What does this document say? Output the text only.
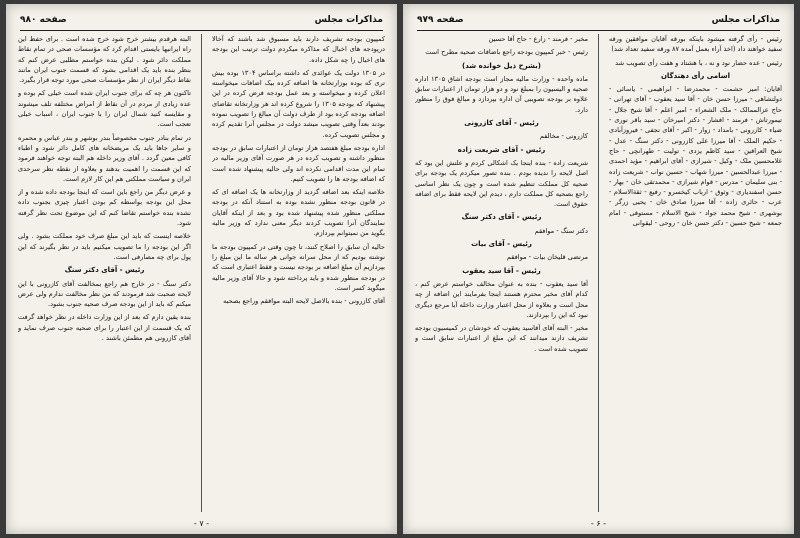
مذاکرات مجلس
صفحه ۹۸۰

کمپیون بودجه تشریف دارند باید مسبوق شد باشند که آخالا درپودجه های اخبال که مذاکره میکردم دولت ترتیب این بودجه های اخبال را چه شکل داده.

در ۱۳۰۵ دولت یک عوائدی که داشته براساس ۱۳۰۴ بوده بیش تری که بوده بوزارتخانه ها اضافه کرده بیک اضافات میخواسته اعلان کرده و میخواسته و بعد عمل بودجه فرض کرده در این پیشنهاد که بودجه ۱۳۰۵ را شروع کرده اند هر وزارتخانه تقاضای اضافه بودجه کرده بود از طرف دولت آن مبالغ را تصویب نموده بودند بعداً وقتی تصویب میشد دولت در مجلس آنرا تقدیم کرده و مجلس تصویب کرده.

اداره بودجه مبلغ هفتصد هزار تومان از اعتبارات سابق در بودجه منظور داشته و تصویب کرده در هر صورت آقای وزیر مالیه در تمام این مدت اقدامی نکرده اند ولی حالیه پیشنهاد شده است که اضافه بودجه ها را تصویب کنیم.

خلاصه اینکه بعد اضافه گردید از وزارتخانه ها یک اضافه ای که در قانون بودجه منظور نشده بوده به استناد آنکه در بودجه مملکتی منظور شده پیشنهاد شده بود و بعد از اینکه آقایان نمایندگان آنرا تصویب کردند دیگر معنی ندارد که وزیر مالیه بگوید من نمیتوانم بپردازم.

حالیه آن سابق را اصلاح کنند، تا چون وقتی در کمپیون بودجه ما نوشته بودیم که از محل سرانه جوانی هر ساله ما این مبلغ را بپردازیم آن مبلغ اضافه بر بودجه نیست و فقط اعتباری است که در بودجه منظور شده و باید پرداخته شود و حالا آقای وزیر مالیه میگوید کسر است.

آقای کازرونی - بنده بالاصل لایحه البته موافقم وراجع بصحبه

البته هرقدم بیشتر خرج شود خرج شده است . برای حفظ این راه ایرانیها بایستی اقدام کرد که مؤسسات صحی در تمام نقاط مملکت دائر شود . لیکن بنده خواستم مطلبی عرض کنم که بنظر بنده باید یک اقدامی بشود که قسمت جنوب ایران مانند نقاط دیگر ایران از نظر مؤسسات صحی مورد توجه قرار بگیرد.

تاکنون هر چه که برای جنوب ایران شده است خیلی کم بوده و عده زیادی از مردم در آن نقاط از امراض مختلفه تلف میشوند و مقایسه کنید شمال ایران را با جنوب ایران ، اسباب خیلی تعجب است.

در تمام بنادر جنوب مخصوصاً بندر بوشهر و بندر عباس و محمره و سایر جاها باید یک مریضخانه های کامل دائر شود و اطباء کافی معین گردد . آقای وزیر داخله هم البته توجه خواهند فرمود که این قسمت را اهمیت بدهند و بعلاوه از نقطه نظر سرحدی ایران و سیاست مملکتی هم این کار لازم است.

و عرض دیگر من راجع باین است که اینجا بودجه داده شده و از محل این بودجه بواسطه کم بودن اعتبار چیزی بجنوب داده نشده بنده خواستم تقاضا کنم که این موضوع تحت نظر گرفته شود.

خلاصه اینست که باید این مبلغ صرف خود مملکت بشود . ولی اگر این بودجه را ما تصویب میکنیم باید در نظر بگیرند که این پول برای چه مصارفی است.

رئیس - آقای دکتر سنگ

دکتر سنگ - در خارج هم راجع بمخالفت آقای کازرونی با این لایحه صحبت شد فرمودند که من نظر مخالفت ندارم ولی عرض میکنم که باید از این بودجه صرف صحیه جنوب بشود.

بنده یقین دارم که بعد از این وزارت داخله در نظر خواهد گرفت که یک قسمت از این اعتبار را برای صحیه جنوب صرف نماید و آقای کازرونی هم مطمئن باشند .

- ۷ -
مذاکرات مجلس
صفحه ۹۷۹

رئیس - رأی گرفته میشود باینکه بورقه آقایان موافقین ورقه سفید خواهند داد (اخذ آراء بعمل آمده ۸۷ ورقه سفید تعداد شد)

رئیس - عده حضار نود و نه ، با هشتاد و هفت رأی تصویب شد

اسامی رأی دهندگان

آقایان: امیر حشمت - محمدرضا - ابراهیمی - یاسائی - دولتشاهی - میرزا حسن خان - آقا سید یعقوب - آقای تهرانی - حاج عزالممالک - ملک الشعراء - امیر اعلم - آقا شیخ جلال - تیمورتاش - فرمند - افشار - دکتر امیرخان - سید باقر نوری - ضیاء - کازرونی - بامداد - زوار - اکبر - آقای نجفی - فیروزآبادی - حکیم الملک - آقا میرزا علی کازرونی - دکتر سنگ - عدل - شیخ العراقین - سید کاظم یزدی - تولیت - طهرانچی - حاج غلامحسین ملک - وکیل - شیرازی - آقای ابراهیم - مؤید احمدی - میرزا عبدالحسین - میرزا شهاب - حسین نواب - شریعت زاده - بنی سلیمان - مدرس - قوام شیرازی - محمدتقی خان - بهار - حسن اسفندیاری - وثوق - ارباب کیخسرو - رفیع - ثقةالاسلام - عرب - حائری زاده - آقا میرزا صادق خان - یحیی زرگر - بوشهری - شیخ محمد جواد - شیخ الاسلام - مستوفی - امام جمعه - شیخ حسین - دکتر حسن خان - روحی - لیقوانی

مخبر - فرمند - زارع - حاج آقا حسین

رئیس - خبر کمپیون بودجه راجع باضافات صحیه مطرح است

(بشرح ذیل خوانده شد)

ماده واحده - وزارت مالیه مجاز است بودجه اشاق ۱۳۰۵ اداره صحیه و الیسیون را بمبلغ نود و دو هزار تومان از اعتبارات سابق علاوه بر بودجه تصویبی آن اداره بپردازد و مبالغ فوق را منظور دارد.

رئیس - آقای کازرونی

کازرونی - مخالفم

رئیس - آقای شریعت زاده

شریعت زاده - بنده اینجا یک اشکالی کردم و علتش این بود که اصل لایحه را ندیده بودم . بنده تصور میکردم یک بودجه برای صحیه کل مملکت تنظیم شده است و چون یک نظر اساسی راجع بصحیه کل مملکت دارم ، دیدم این لایحه فقط برای اضافه حقوق است.

رئیس - آقای دکتر سنگ

دکتر سنگ - موافقم

رئیس - آقای بیات

مرتضی قلیخان بیات - موافقم

رئیس - آقا سید یعقوب

آقا سید یعقوب - بنده به عنوان مخالف خواستم عرض کنم ، کدام آقای مخبر محترم هستند اینجا بفرمایند این اضافه از چه محل است و بعلاوه از محل اعتبار وزارت داخله آیا مرجع دیگری نبود که این را بپردازند.

مخبر - البته آقای آقاسید یعقوب که خودشان در کمیسیون بودجه تشریف دارند میدانند که این مبلغ از اعتبارات سابق است و تصویب شده است .

- ۶ -
